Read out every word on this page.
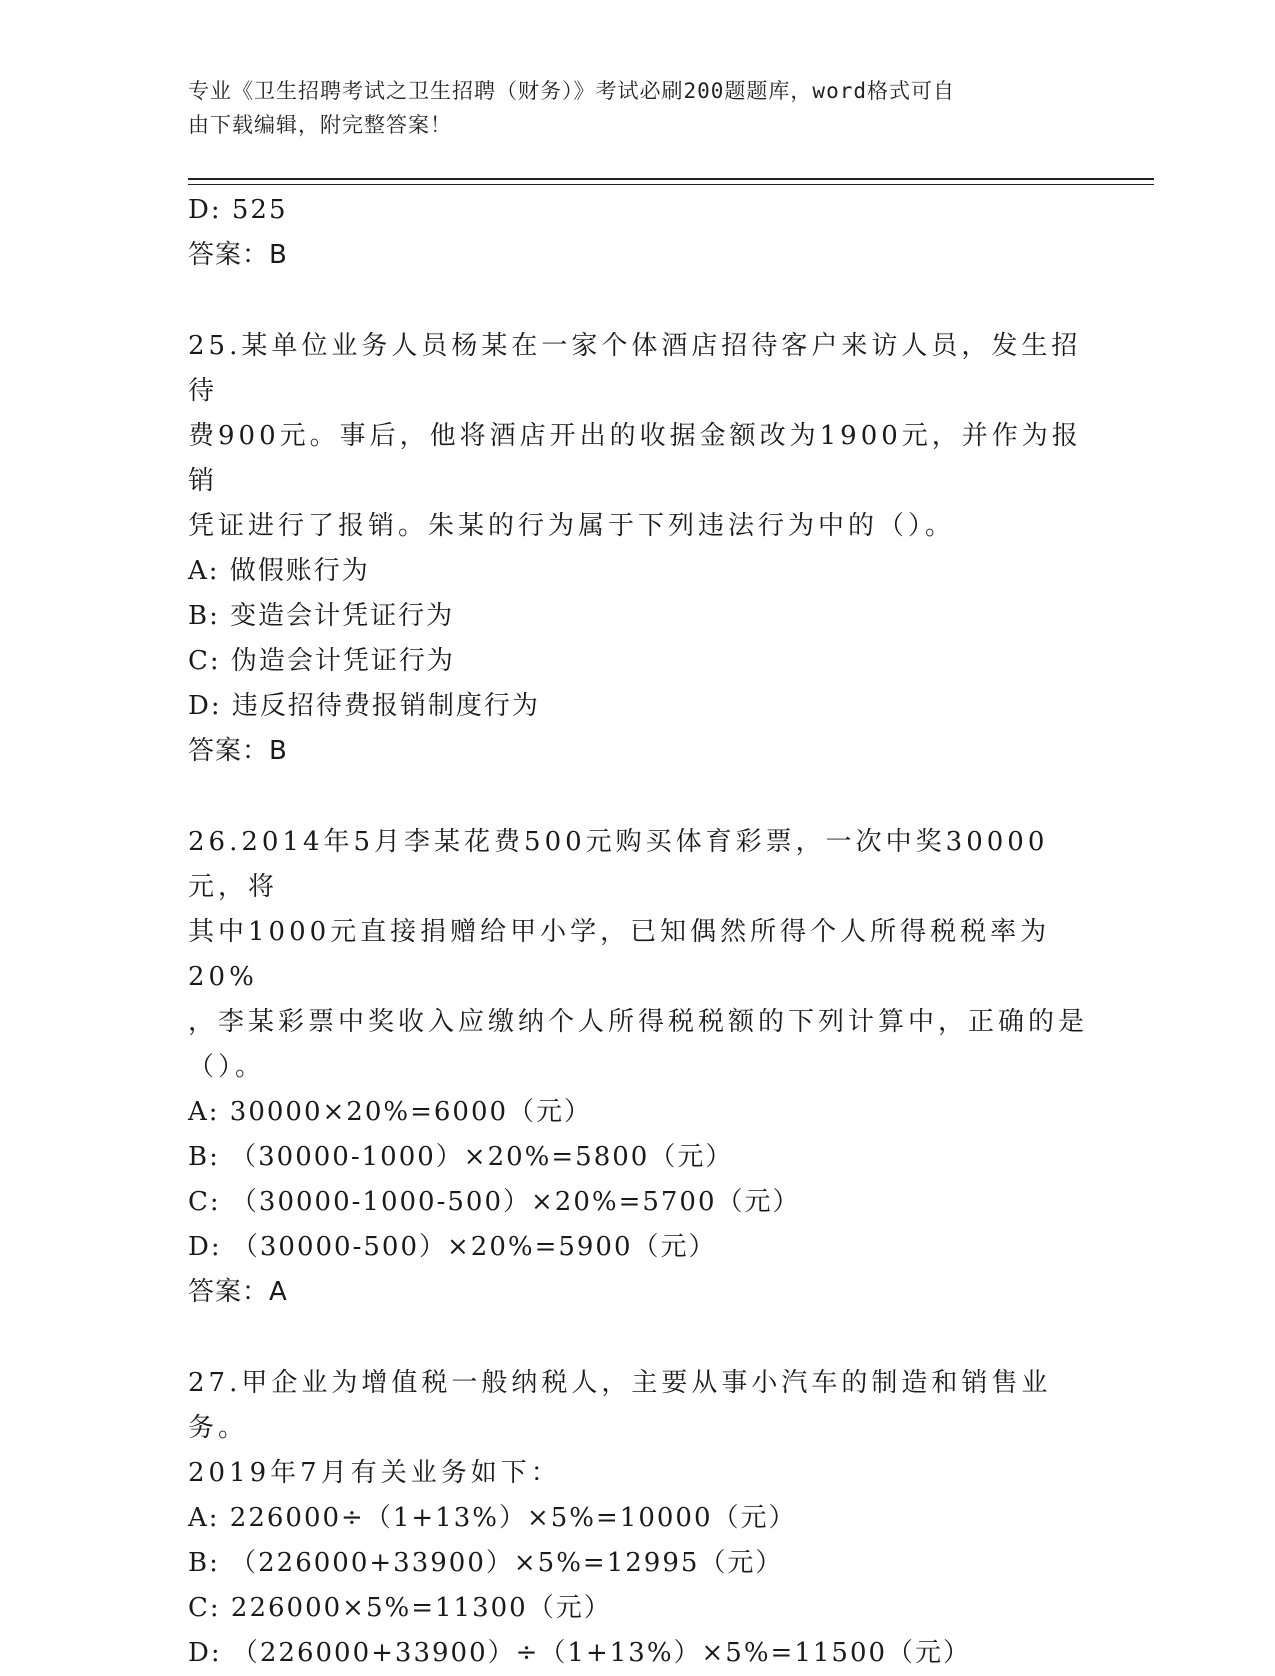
专业《卫生招聘考试之卫生招聘（财务）》考试必刷200题题库，word格式可自
由下载编辑，附完整答案！
D: 525
答案：B
25.某单位业务人员杨某在一家个体酒店招待客户来访人员，发生招待
费900元。事后，他将酒店开出的收据金额改为1900元，并作为报销
凭证进行了报销。朱某的行为属于下列违法行为中的（）。
A: 做假账行为
B: 变造会计凭证行为
C: 伪造会计凭证行为
D: 违反招待费报销制度行为
答案：B
26.2014年5月李某花费500元购买体育彩票，一次中奖30000元，将
其中1000元直接捐赠给甲小学，已知偶然所得个人所得税税率为20%
，李某彩票中奖收入应缴纳个人所得税税额的下列计算中，正确的是
（）。
A: 30000×20%=6000（元）
B: （30000-1000）×20%=5800（元）
C: （30000-1000-500）×20%=5700（元）
D: （30000-500）×20%=5900（元）
答案：A
27.甲企业为增值税一般纳税人，主要从事小汽车的制造和销售业务。
2019年7月有关业务如下：
A: 226000÷（1+13%）×5%=10000（元）
B: （226000+33900）×5%=12995（元）
C: 226000×5%=11300（元）
D: （226000+33900）÷（1+13%）×5%=11500（元）
